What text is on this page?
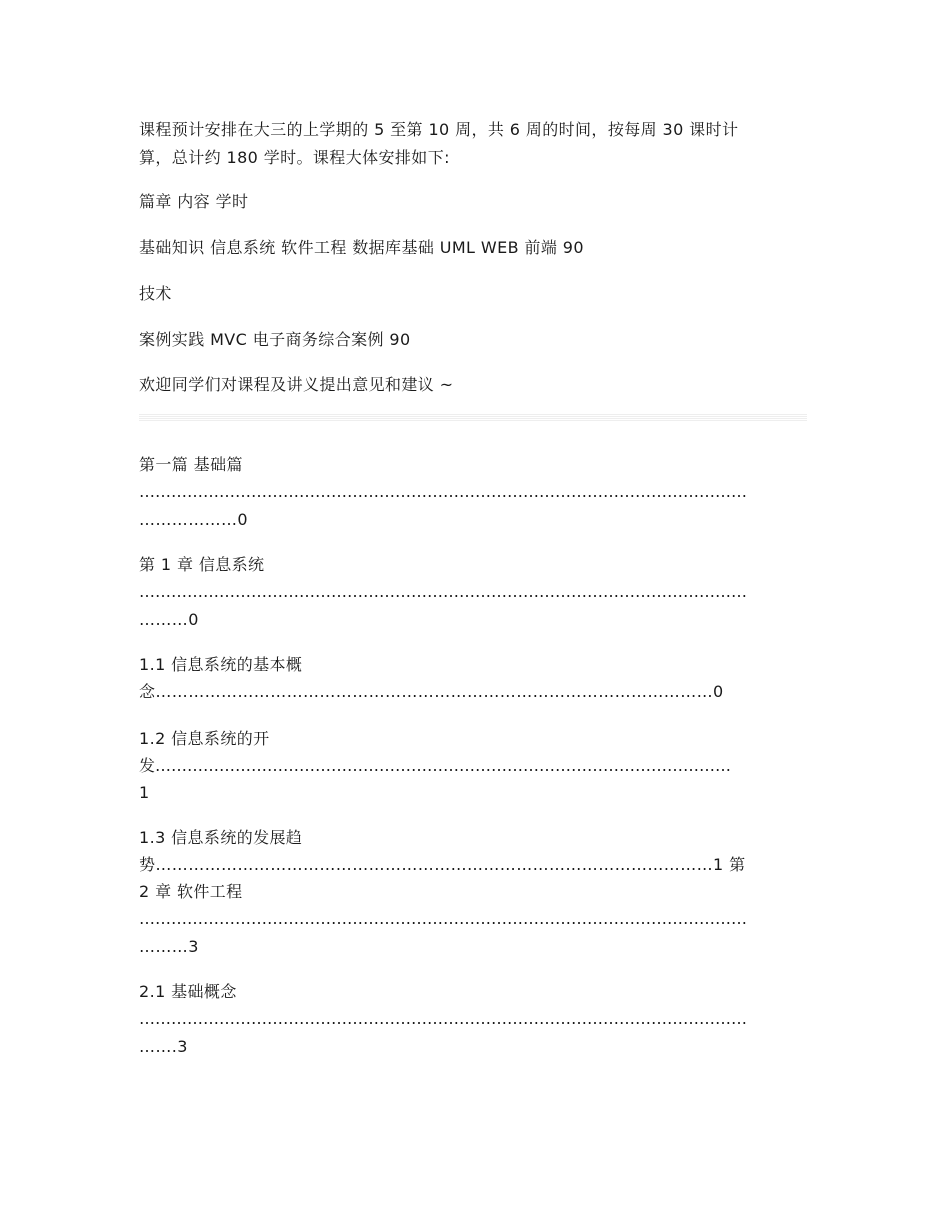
课程预计安排在大三的上学期的 5 至第 10 周，共 6 周的时间，按每周 30 课时计
算，总计约 180 学时。课程大体安排如下:
篇章 内容 学时
基础知识 信息系统 软件工程 数据库基础 UML WEB 前端 90
技术
案例实践 MVC 电子商务综合案例 90
欢迎同学们对课程及讲义提出意见和建议 ~
第一篇 基础篇
……………………………………………………………………………………………………
………………0
第 1 章 信息系统
……………………………………………………………………………………………………
………0
1.1 信息系统的基本概
念…………………………………………………………………………………………0
1.2 信息系统的开
发………………………………………………………………………………………………
1
1.3 信息系统的发展趋
势…………………………………………………………………………………………1 第
2 章 软件工程
……………………………………………………………………………………………………
………3
2.1 基础概念
……………………………………………………………………………………………………
…….3
